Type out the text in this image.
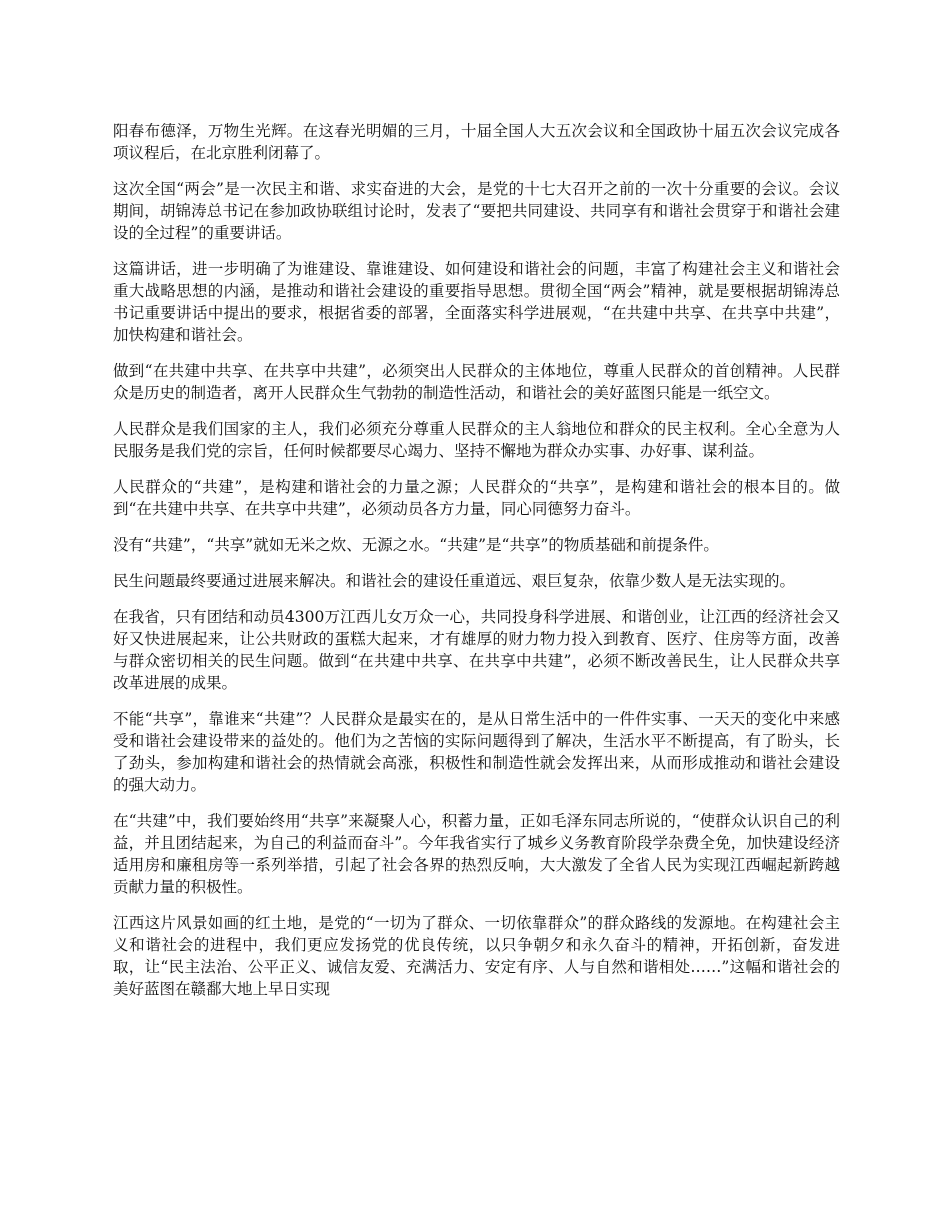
阳春布德泽，万物生光辉。在这春光明媚的三月，十届全国人大五次会议和全国政协十届五次会议完成各项议程后，在北京胜利闭幕了。

这次全国“两会”是一次民主和谐、求实奋进的大会，是党的十七大召开之前的一次十分重要的会议。会议期间，胡锦涛总书记在参加政协联组讨论时，发表了“要把共同建设、共同享有和谐社会贯穿于和谐社会建设的全过程”的重要讲话。

这篇讲话，进一步明确了为谁建设、靠谁建设、如何建设和谐社会的问题，丰富了构建社会主义和谐社会重大战略思想的内涵，是推动和谐社会建设的重要指导思想。贯彻全国“两会”精神，就是要根据胡锦涛总书记重要讲话中提出的要求，根据省委的部署，全面落实科学进展观，“在共建中共享、在共享中共建”，加快构建和谐社会。

做到“在共建中共享、在共享中共建”，必须突出人民群众的主体地位，尊重人民群众的首创精神。人民群众是历史的制造者，离开人民群众生气勃勃的制造性活动，和谐社会的美好蓝图只能是一纸空文。

人民群众是我们国家的主人，我们必须充分尊重人民群众的主人翁地位和群众的民主权利。全心全意为人民服务是我们党的宗旨，任何时候都要尽心竭力、坚持不懈地为群众办实事、办好事、谋利益。

人民群众的“共建”，是构建和谐社会的力量之源；人民群众的“共享”，是构建和谐社会的根本目的。做到“在共建中共享、在共享中共建”，必须动员各方力量，同心同德努力奋斗。

没有“共建”，“共享”就如无米之炊、无源之水。“共建”是“共享”的物质基础和前提条件。

民生问题最终要通过进展来解决。和谐社会的建设任重道远、艰巨复杂，依靠少数人是无法实现的。

在我省，只有团结和动员4300万江西儿女万众一心，共同投身科学进展、和谐创业，让江西的经济社会又好又快进展起来，让公共财政的蛋糕大起来，才有雄厚的财力物力投入到教育、医疗、住房等方面，改善与群众密切相关的民生问题。做到“在共建中共享、在共享中共建”，必须不断改善民生，让人民群众共享改革进展的成果。

不能“共享”，靠谁来“共建”？人民群众是最实在的，是从日常生活中的一件件实事、一天天的变化中来感受和谐社会建设带来的益处的。他们为之苦恼的实际问题得到了解决，生活水平不断提高，有了盼头，长了劲头，参加构建和谐社会的热情就会高涨，积极性和制造性就会发挥出来，从而形成推动和谐社会建设的强大动力。

在“共建”中，我们要始终用“共享”来凝聚人心，积蓄力量，正如毛泽东同志所说的，“使群众认识自己的利益，并且团结起来，为自己的利益而奋斗”。今年我省实行了城乡义务教育阶段学杂费全免，加快建设经济适用房和廉租房等一系列举措，引起了社会各界的热烈反响，大大激发了全省人民为实现江西崛起新跨越贡献力量的积极性。

江西这片风景如画的红土地，是党的“一切为了群众、一切依靠群众”的群众路线的发源地。在构建社会主义和谐社会的进程中，我们更应发扬党的优良传统，以只争朝夕和永久奋斗的精神，开拓创新，奋发进取，让“民主法治、公平正义、诚信友爱、充满活力、安定有序、人与自然和谐相处……”这幅和谐社会的美好蓝图在赣鄱大地上早日实现
